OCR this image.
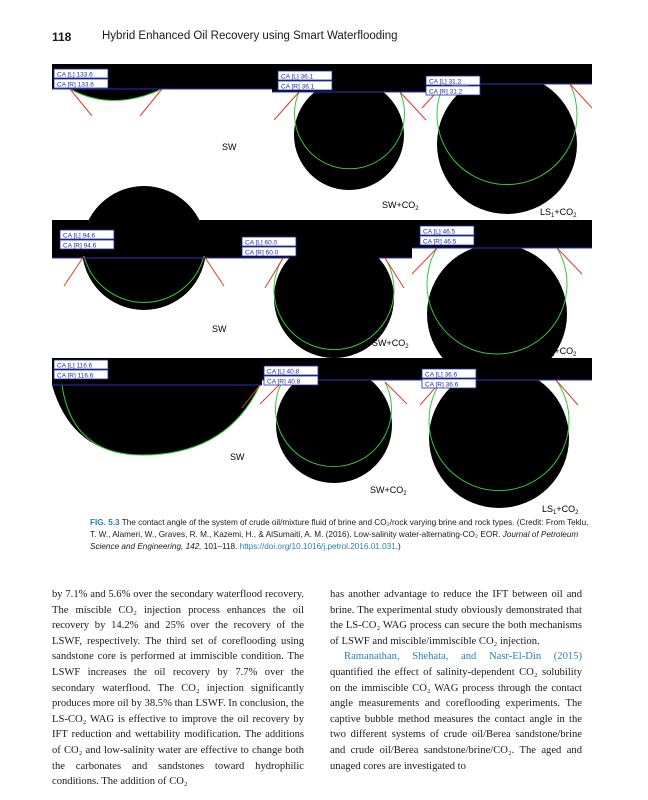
118	Hybrid Enhanced Oil Recovery using Smart Waterflooding
CA [L] 133.6
CA [R] 133.6
CA [L] 36.1
CA [R] 36.1
CA [L] 31.2
CA [R] 31.2
SW
$SW+CO_2$	$LS_1+CO_2$
CA [L] 94.6
CA [R] 94.6	CA [L] 60.0
CA [R] 60.0
CA [L] 46.5
CA [R] 46.5
SW
$SW+CO_2$	$LS_1+CO_2$
CA [L] 116.6
CA [R] 116.6
CA [L] 40.8
CA [R] 40.8
CA [L] 36.6
CA [R] 36.6
SW
$SW+CO_2$
$LS_1+CO_2$
FIG. 5.3 The contact angle of the system of crude oil/mixture fluid of brine and CO₂/rock varying brine and rock types. (Credit: From Teklu, T. W., Alameri, W., Graves, R. M., Kazemi, H., & AlSumaiti, A. M. (2016). Low-salinity water-alternating-CO₂ EOR. Journal of Petroleum Science and Engineering, 142, 101–118. https://doi.org/10.1016/j.petrol.2016.01.031.)

by 7.1% and 5.6% over the secondary waterflood recovery. The miscible CO₂ injection process enhances the oil recovery by 14.2% and 25% over the recovery of the LSWF, respectively. The third set of coreflooding using sandstone core is performed at immiscible condition. The LSWF increases the oil recovery by 7.7% over the secondary waterflood. The CO₂ injection significantly produces more oil by 38.5% than LSWF. In conclusion, the LS-CO₂ WAG is effective to improve the oil recovery by IFT reduction and wettability modification. The additions of CO₂ and low-salinity water are effective to change both the carbonates and sandstones toward hydrophilic conditions. The addition of CO₂

has another advantage to reduce the IFT between oil and brine. The experimental study obviously demonstrated that the LS-CO₂ WAG process can secure the both mechanisms of LSWF and miscible/immiscible CO₂ injection.

Ramanathan, Shehata, and Nasr-El-Din (2015) quantified the effect of salinity-dependent CO₂ solubility on the immiscible CO₂ WAG process through the contact angle measurements and coreflooding experiments. The captive bubble method measures the contact angle in the two different systems of crude oil/Berea sandstone/brine and crude oil/Berea sandstone/brine/CO₂. The aged and unaged cores are investigated to
